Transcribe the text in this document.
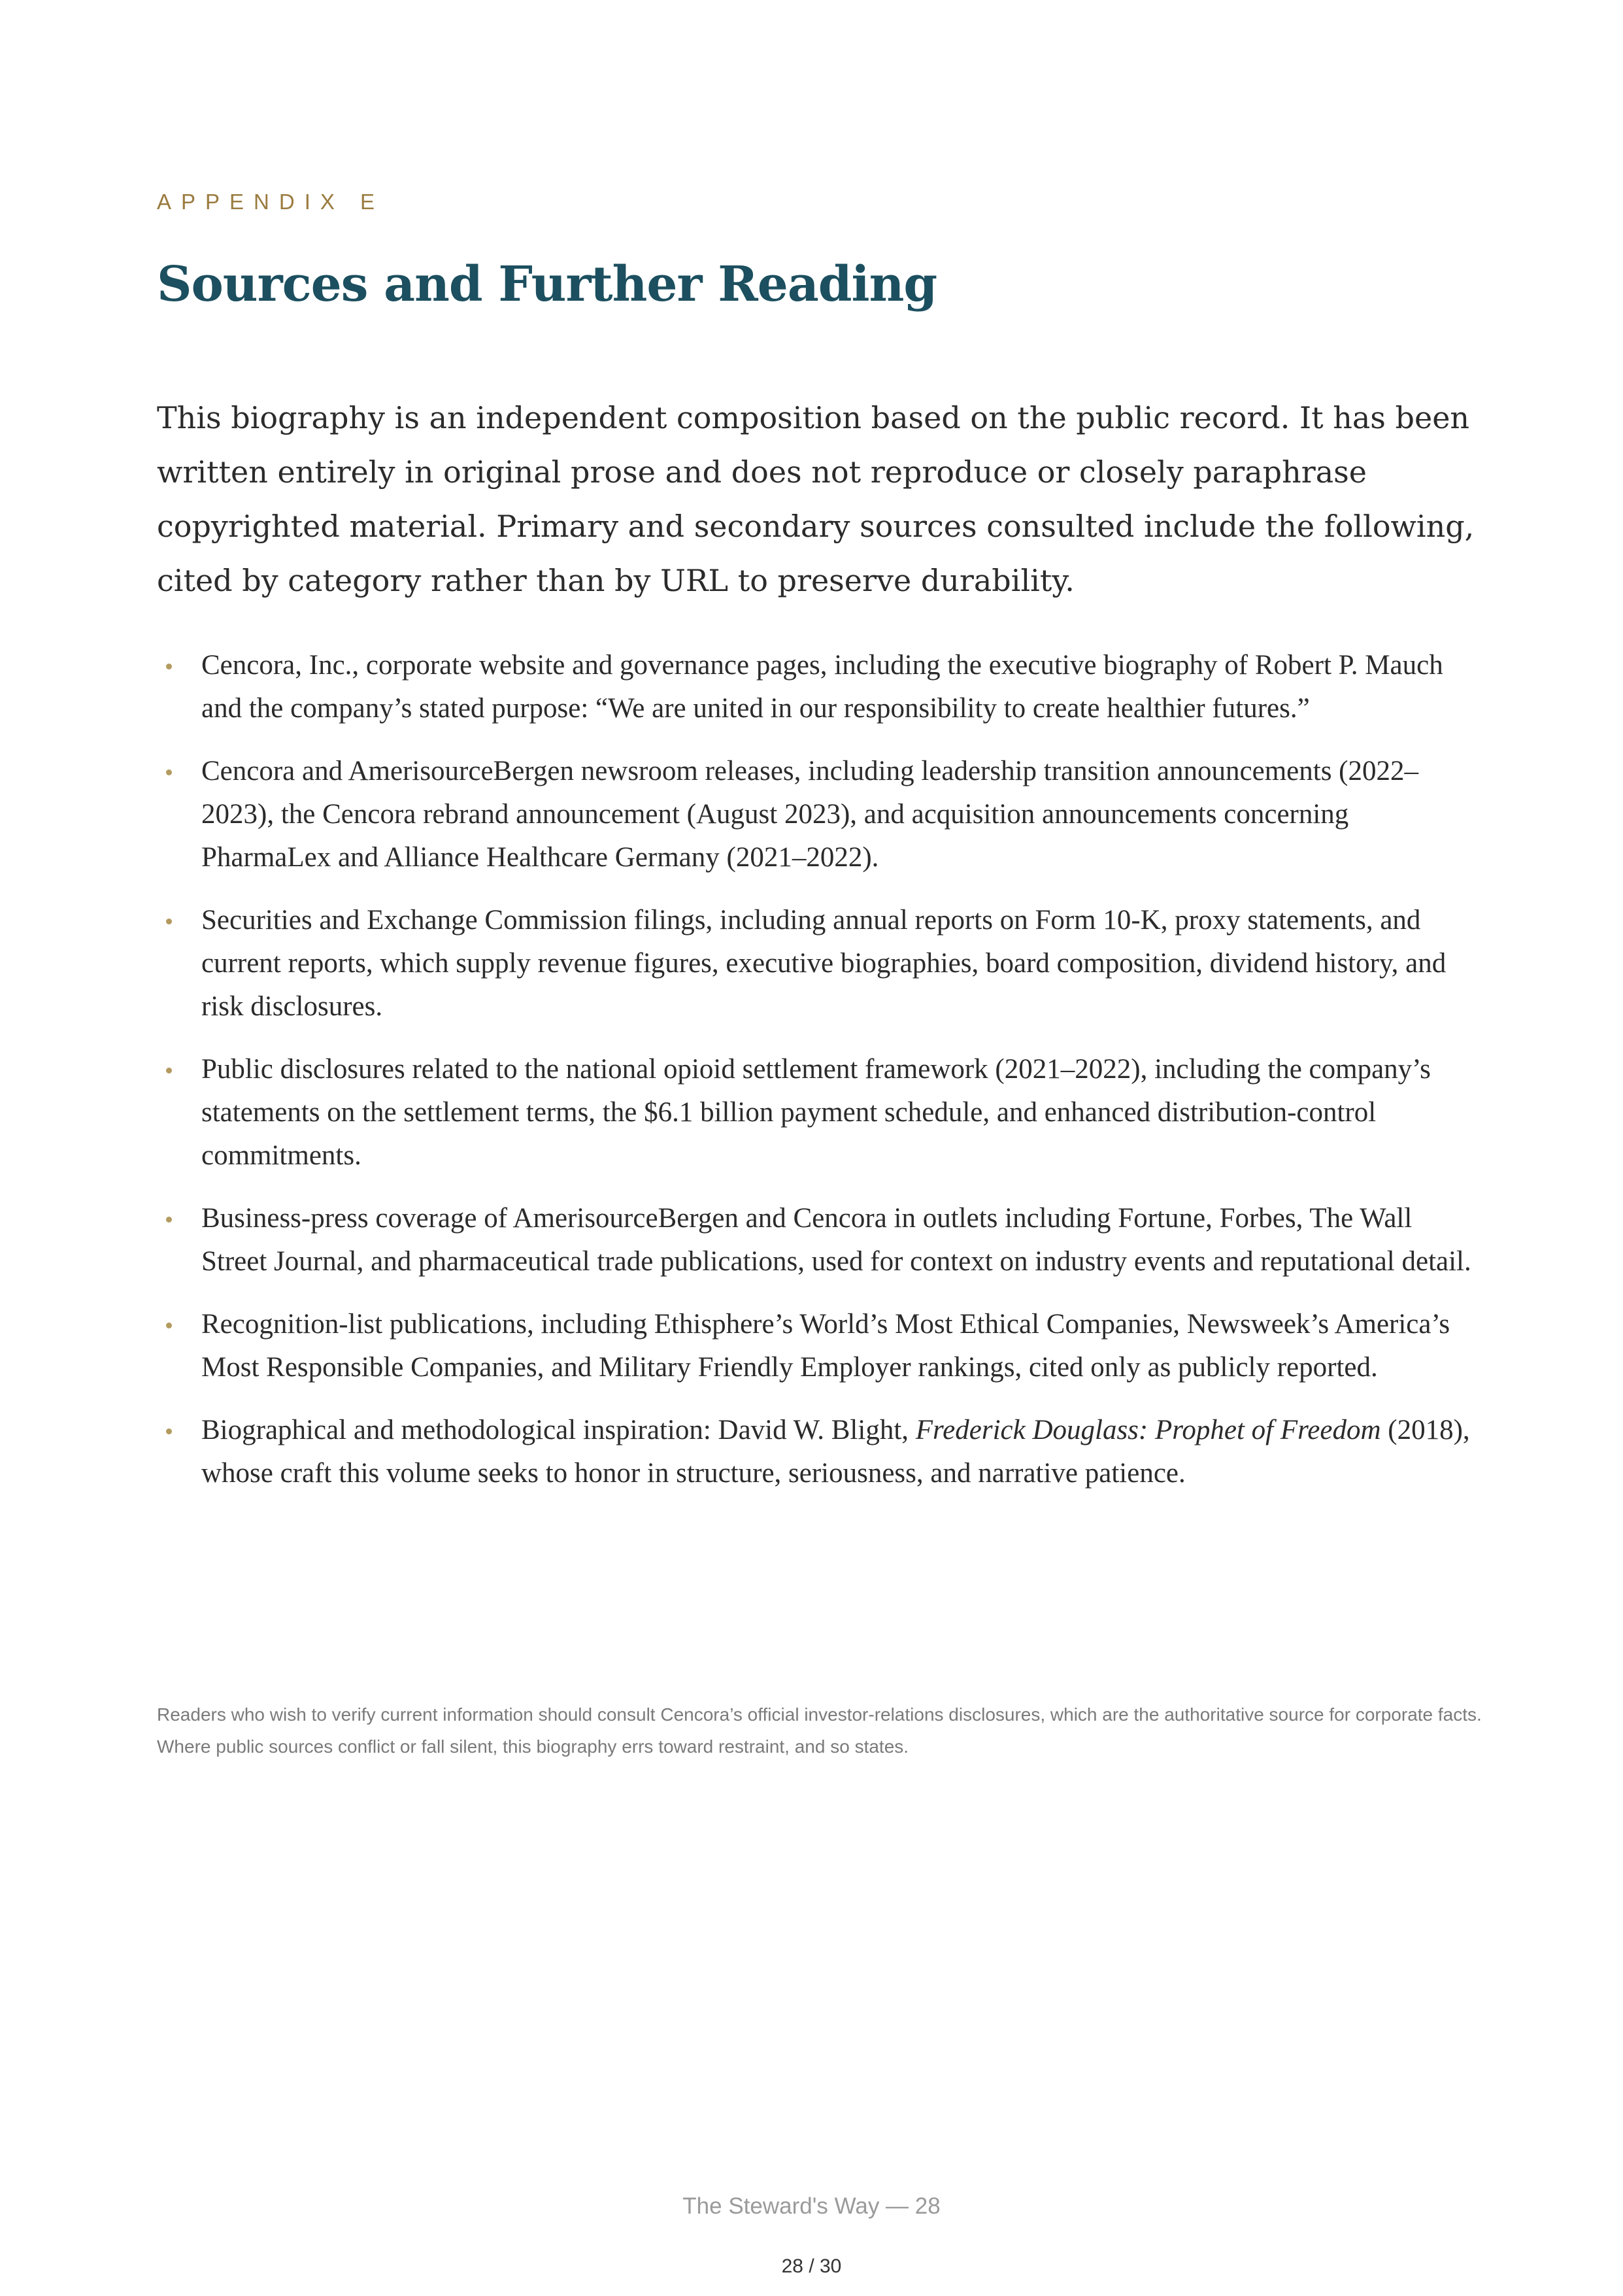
APPENDIX E
Sources and Further Reading

This biography is an independent composition based on the public record. It has been written entirely in original prose and does not reproduce or closely paraphrase copyrighted material. Primary and secondary sources consulted include the following, cited by category rather than by URL to preserve durability.

Cencora, Inc., corporate website and governance pages, including the executive biography of Robert P. Mauch and the company’s stated purpose: “We are united in our responsibility to create healthier futures.”
Cencora and AmerisourceBergen newsroom releases, including leadership transition announcements (2022–2023), the Cencora rebrand announcement (August 2023), and acquisition announcements concerning PharmaLex and Alliance Healthcare Germany (2021–2022).
Securities and Exchange Commission filings, including annual reports on Form 10-K, proxy statements, and current reports, which supply revenue figures, executive biographies, board composition, dividend history, and risk disclosures.
Public disclosures related to the national opioid settlement framework (2021–2022), including the company’s statements on the settlement terms, the $6.1 billion payment schedule, and enhanced distribution-control commitments.
Business-press coverage of AmerisourceBergen and Cencora in outlets including Fortune, Forbes, The Wall Street Journal, and pharmaceutical trade publications, used for context on industry events and reputational detail.
Recognition-list publications, including Ethisphere’s World’s Most Ethical Companies, Newsweek’s America’s Most Responsible Companies, and Military Friendly Employer rankings, cited only as publicly reported.
Biographical and methodological inspiration: David W. Blight, Frederick Douglass: Prophet of Freedom (2018), whose craft this volume seeks to honor in structure, seriousness, and narrative patience.

Readers who wish to verify current information should consult Cencora’s official investor-relations disclosures, which are the authoritative source for corporate facts. Where public sources conflict or fall silent, this biography errs toward restraint, and so states.

The Steward's Way — 28
28 / 30
